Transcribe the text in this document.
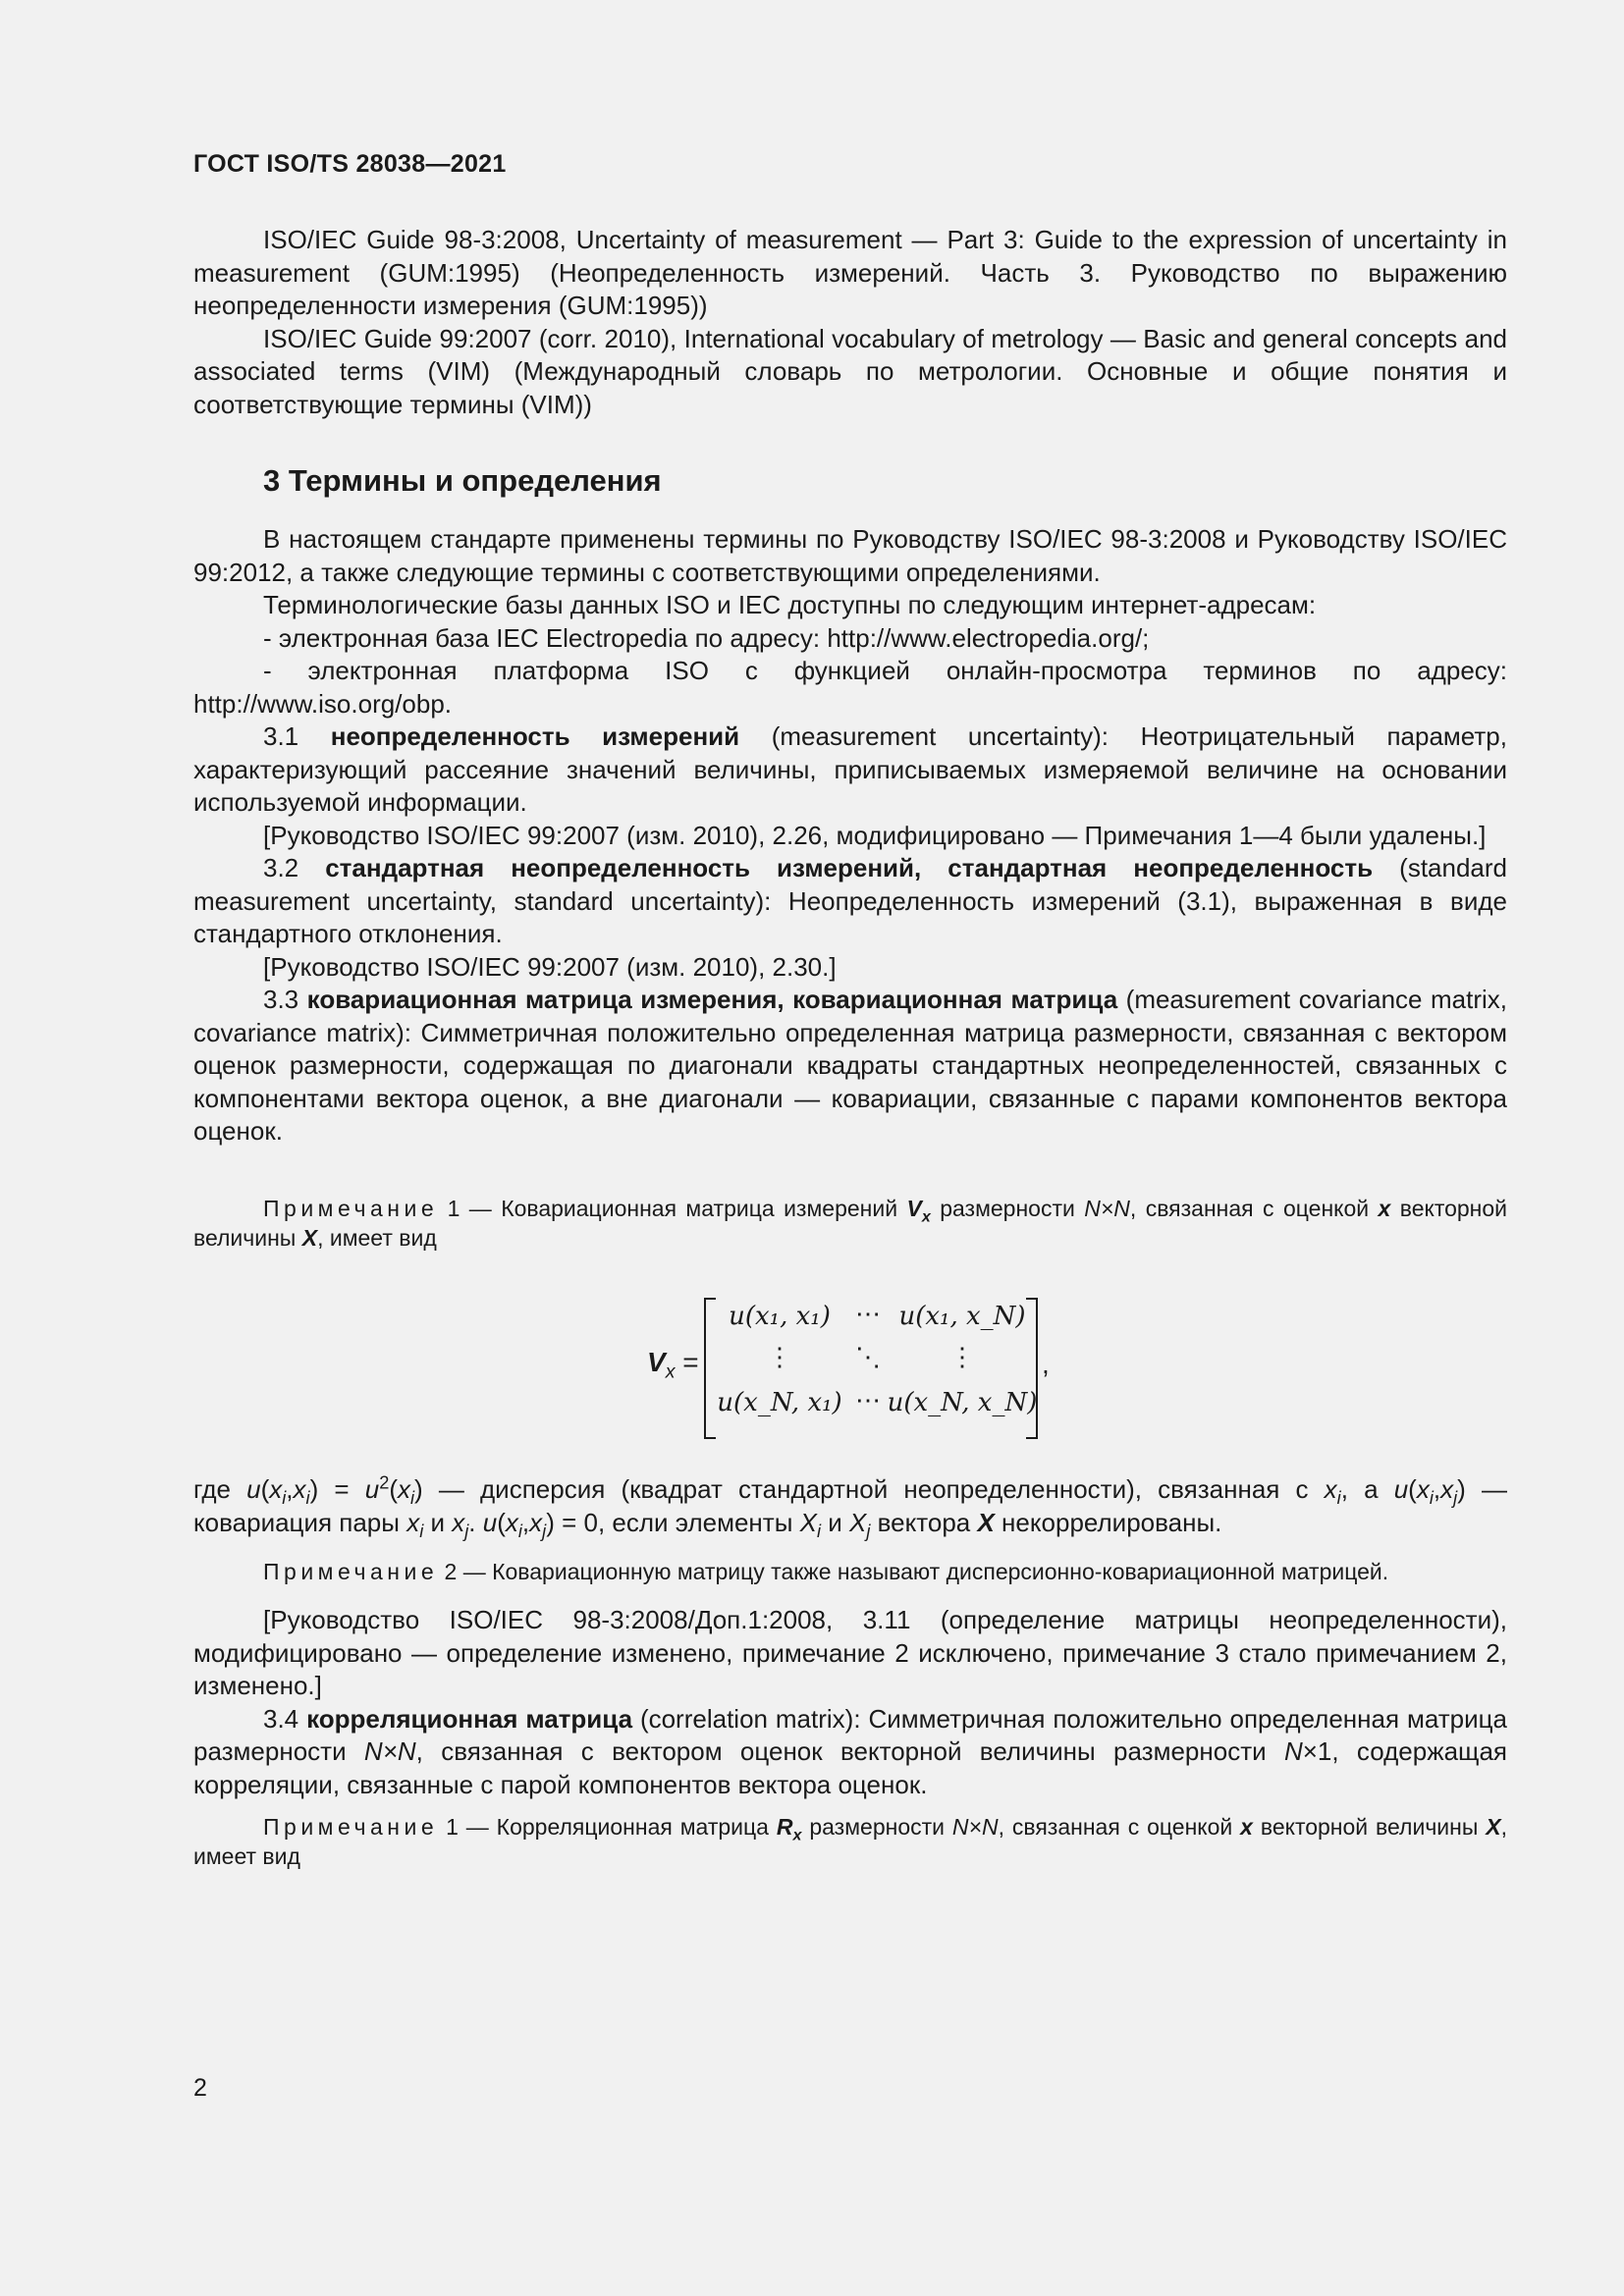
ГОСТ ISO/TS 28038—2021

ISO/IEC Guide 98-3:2008, Uncertainty of measurement — Part 3: Guide to the expression of uncertainty in measurement (GUM:1995) (Неопределенность измерений. Часть 3. Руководство по выражению неопределенности измерения (GUM:1995))

ISO/IEC Guide 99:2007 (corr. 2010), International vocabulary of metrology — Basic and general concepts and associated terms (VIM) (Международный словарь по метрологии. Основные и общие понятия и соответствующие термины (VIM))

3 Термины и определения

В настоящем стандарте применены термины по Руководству ISO/IEC 98-3:2008 и Руководству ISO/IEC 99:2012, а также следующие термины с соответствующими определениями.

Терминологические базы данных ISO и IEC доступны по следующим интернет-адресам:

- электронная база IEC Electropedia по адресу: http://www.electropedia.org/;

- электронная платформа ISO с функцией онлайн-просмотра терминов по адресу: http://www.iso.org/obp.

3.1 неопределенность измерений (measurement uncertainty): Неотрицательный параметр, характеризующий рассеяние значений величины, приписываемых измеряемой величине на основании используемой информации.

[Руководство ISO/IEC 99:2007 (изм. 2010), 2.26, модифицировано — Примечания 1—4 были удалены.]

3.2 стандартная неопределенность измерений, стандартная неопределенность (standard measurement uncertainty, standard uncertainty): Неопределенность измерений (3.1), выраженная в виде стандартного отклонения.

[Руководство ISO/IEC 99:2007 (изм. 2010), 2.30.]

3.3 ковариационная матрица измерения, ковариационная матрица (measurement covariance matrix, covariance matrix): Симметричная положительно определенная матрица размерности, связанная с вектором оценок размерности, содержащая по диагонали квадраты стандартных неопределенностей, связанных с компонентами вектора оценок, а вне диагонали — ковариации, связанные с парами компонентов вектора оценок.

Примечание 1 — Ковариационная матрица измерений $V_x$ размерности N×N, связанная с оценкой x векторной величины X, имеет вид

$V_x$ =
u(x₁, x₁) ⋯ u(x₁, x_N)
⋮ ⋱	⋮
u(x_N, x₁) ⋯ u(x_N, x_N)
,

где $u(x_i,x_i) = u^2(x_i)$ — дисперсия (квадрат стандартной неопределенности), связанная с $x_i$, а $u(x_i,x_j)$ — ковариация пары $x_i$ и $x_j$. $u(x_i,x_j) = 0$, если элементы $X_i$ и $X_j$ вектора X некоррелированы.

Примечание 2 — Ковариационную матрицу также называют дисперсионно-ковариационной матрицей.

[Руководство ISO/IEC 98-3:2008/Доп.1:2008, 3.11 (определение матрицы неопределенности), модифицировано — определение изменено, примечание 2 исключено, примечание 3 стало примечанием 2, изменено.]

3.4 корреляционная матрица (correlation matrix): Симметричная положительно определенная матрица размерности N×N, связанная с вектором оценок векторной величины размерности N×1, содержащая корреляции, связанные с парой компонентов вектора оценок.

Примечание 1 — Корреляционная матрица $R_x$ размерности N×N, связанная с оценкой x векторной величины X, имеет вид

2
